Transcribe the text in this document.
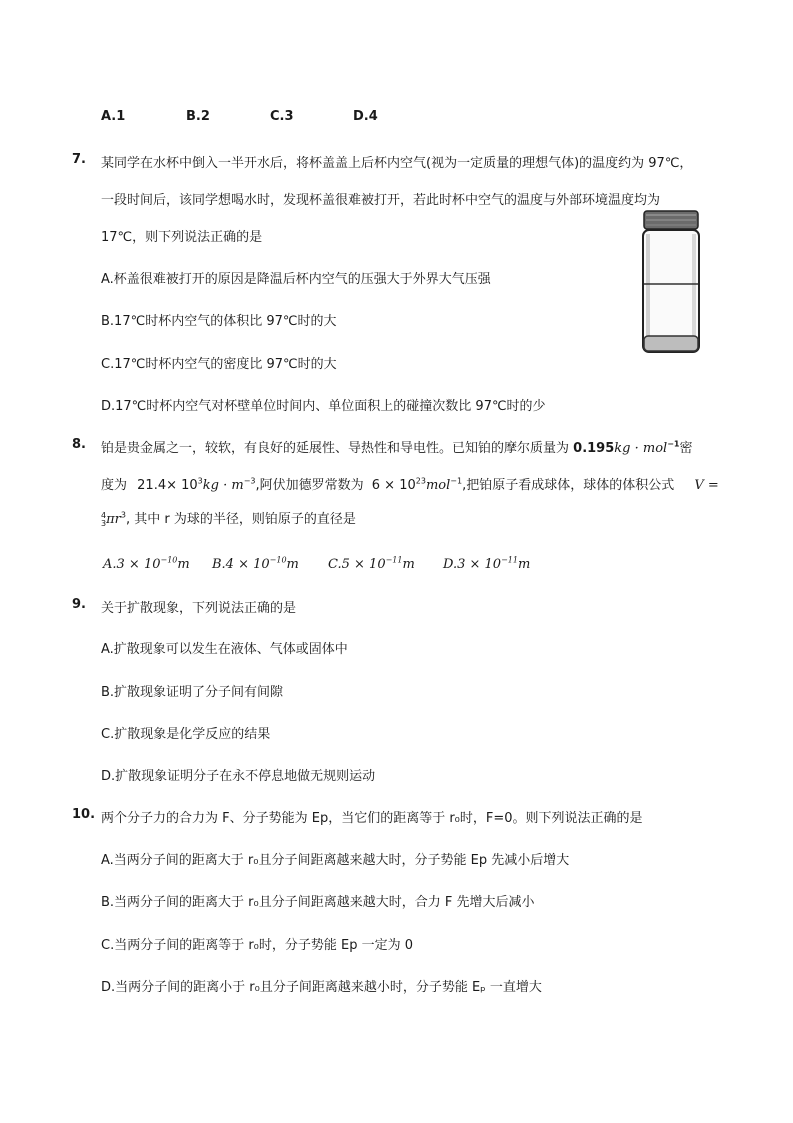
A.1	B.2	C.3	D.4
7. 某同学在水杯中倒入一半开水后，将杯盖盖上后杯内空气(视为一定质量的理想气体)的温度约为 97℃，
一段时间后，该同学想喝水时，发现杯盖很难被打开，若此时杯中空气的温度与外部环境温度均为
17℃，则下列说法正确的是
A.杯盖很难被打开的原因是降温后杯内空气的压强大于外界大气压强
B.17℃时杯内空气的体积比 97℃时的大
C.17℃时杯内空气的密度比 97℃时的大
D.17℃时杯内空气对杯壁单位时间内、单位面积上的碰撞次数比 97℃时的少
8. 铂是贵金属之一，较软，有良好的延展性、导热性和导电性。已知铂的摩尔质量为 0.195kg · mol$^{-1}$密
度为 $21.4\times 10^3kg \cdot m^{-3}$,阿伏加德罗常数为 $6 \times 10^{23}mol^{-1}$,把铂原子看成球体，球体的体积公式 V =
4
3 $\pi r^3$, 其中 r 为球的半径，则铂原子的直径是
$A.3 \times 10^{-10}m$ $B.4 \times 10^{-10}m$ $C.5 \times 10^{-11}m$ $D.3 \times 10^{-11}m$
9. 关于扩散现象，下列说法正确的是
A.扩散现象可以发生在液体、气体或固体中
B.扩散现象证明了分子间有间隙
C.扩散现象是化学反应的结果
D.扩散现象证明分子在永不停息地做无规则运动
10. 两个分子力的合力为 F、分子势能为 Ep，当它们的距离等于 r₀时，F=0。则下列说法正确的是
A.当两分子间的距离大于 r₀且分子间距离越来越大时，分子势能 Ep 先减小后增大
B.当两分子间的距离大于 r₀且分子间距离越来越大时，合力 F 先增大后减小
C.当两分子间的距离等于 r₀时，分子势能 Ep 一定为 0
D.当两分子间的距离小于 r₀且分子间距离越来越小时，分子势能 Eₚ 一直增大
